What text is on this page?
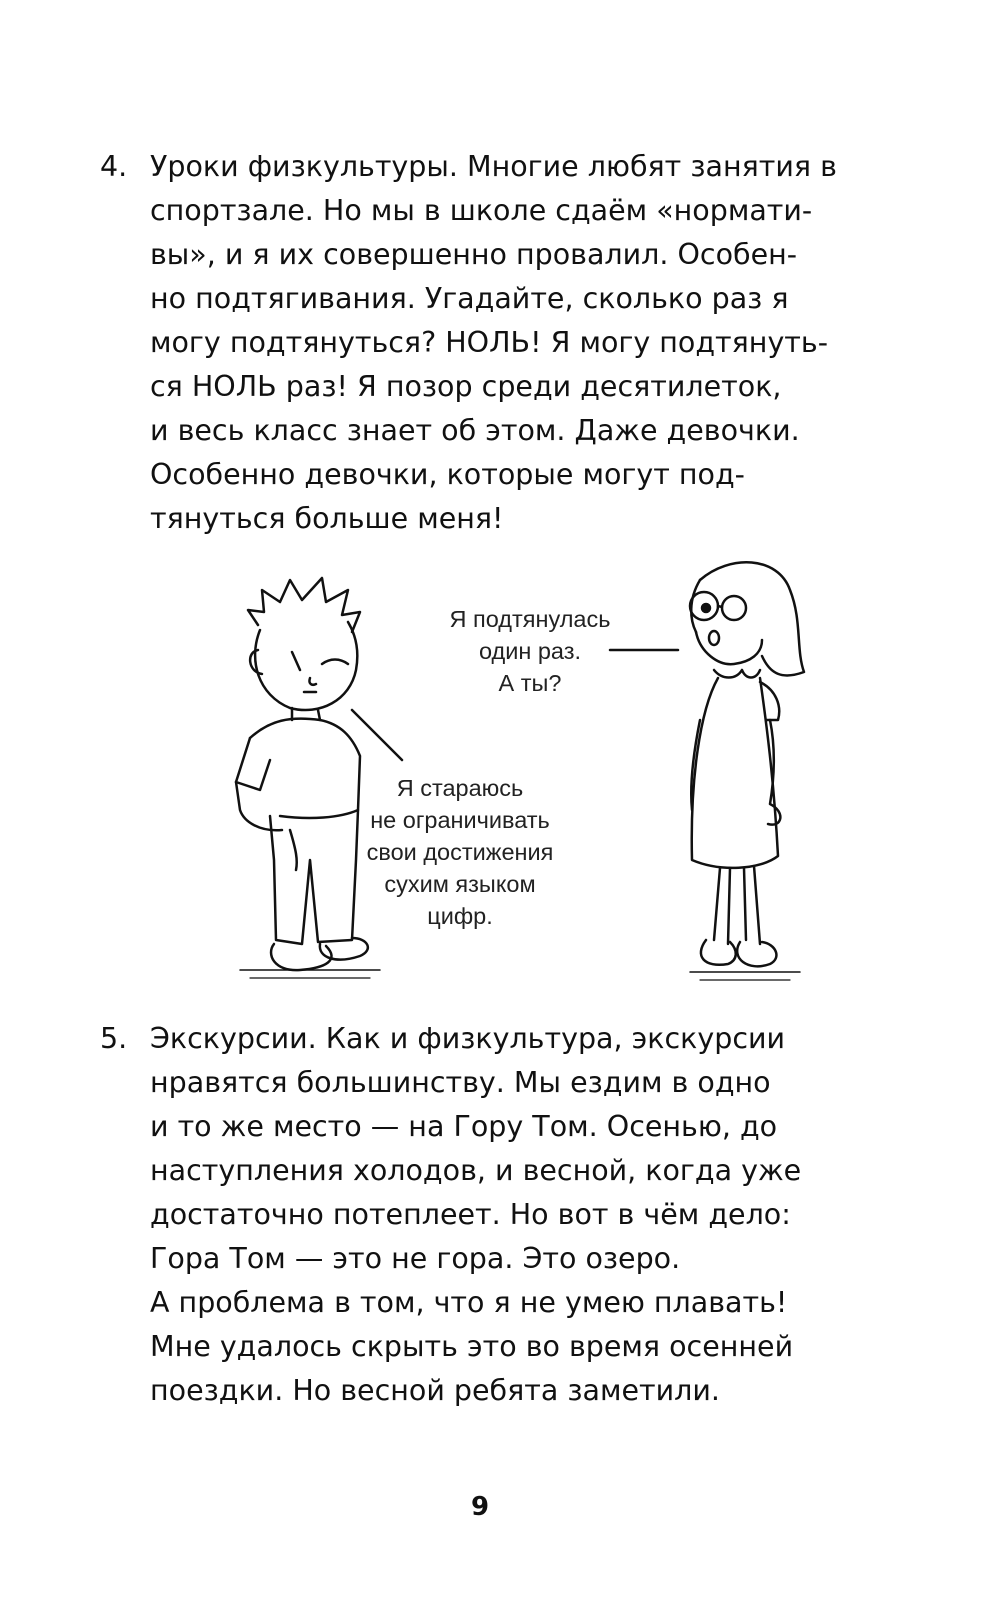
4. Уроки физкультуры. Многие любят занятия в
спортзале. Но мы в школе сдаём «нормати-
вы», и я их совершенно провалил. Особен-
но подтягивания. Угадайте, сколько раз я
могу подтянуться? НОЛЬ! Я могу подтянуть-
ся НОЛЬ раз! Я позор среди десятилеток,
и весь класс знает об этом. Даже девочки.
Особенно девочки, которые могут под-
тянуться больше меня!
Я подтянулась
один раз.
А ты?
Я стараюсь
не ограничивать
свои достижения
сухим языком
цифр.
5. Экскурсии. Как и физкультура, экскурсии
нравятся большинству. Мы ездим в одно
и то же место — на Гору Том. Осенью, до
наступления холодов, и весной, когда уже
достаточно потеплеет. Но вот в чём дело:
Гора Том — это не гора. Это озеро.
А проблема в том, что я не умею плавать!
Мне удалось скрыть это во время осенней
поездки. Но весной ребята заметили.
9
